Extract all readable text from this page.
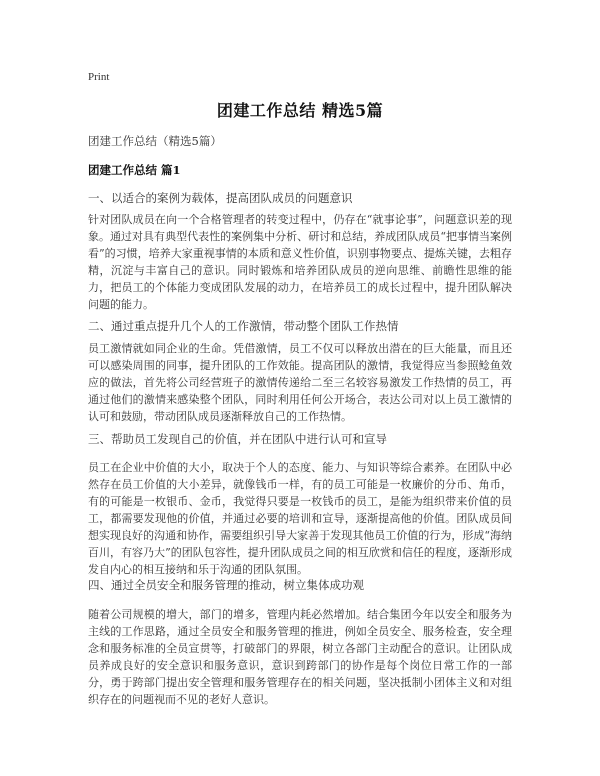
Print
团建工作总结 精选5篇
团建工作总结（精选5篇）
团建工作总结 篇1
一、以适合的案例为载体，提高团队成员的问题意识
针对团队成员在向一个合格管理者的转变过程中，仍存在“就事论事”，问题意识差的现象。通过对具有典型代表性的案例集中分析、研讨和总结，养成团队成员“把事情当案例看”的习惯，培养大家重视事情的本质和意义性价值，识别事物要点、提炼关键，去粗存精，沉淀与丰富自己的意识。同时锻炼和培养团队成员的逆向思维、前瞻性思维的能力，把员工的个体能力变成团队发展的动力，在培养员工的成长过程中，提升团队解决问题的能力。
二、通过重点提升几个人的工作激情，带动整个团队工作热情
员工激情就如同企业的生命。凭借激情，员工不仅可以释放出潜在的巨大能量，而且还可以感染周围的同事，提升团队的工作效能。提高团队的激情，我觉得应当参照鲶鱼效应的做法，首先将公司经营班子的激情传递给二至三名较容易激发工作热情的员工，再通过他们的激情来感染整个团队，同时利用任何公开场合，表达公司对以上员工激情的认可和鼓励，带动团队成员逐渐释放自己的工作热情。
三、帮助员工发现自己的价值，并在团队中进行认可和宣导
员工在企业中价值的大小，取决于个人的态度、能力、与知识等综合素养。在团队中必然存在员工价值的大小差异，就像钱币一样，有的员工可能是一枚廉价的分币、角币，有的可能是一枚银币、金币，我觉得只要是一枚钱币的员工，是能为组织带来价值的员工，都需要发现他的价值，并通过必要的培训和宣导，逐渐提高他的价值。团队成员间想实现良好的沟通和协作，需要组织引导大家善于发现其他员工价值的行为，形成“海纳百川，有容乃大”的团队包容性，提升团队成员之间的相互欣赏和信任的程度，逐渐形成发自内心的相互接纳和乐于沟通的团队氛围。
四、通过全员安全和服务管理的推动，树立集体成功观
随着公司规模的增大，部门的增多，管理内耗必然增加。结合集团今年以安全和服务为主线的工作思路，通过全员安全和服务管理的推进，例如全员安全、服务检查，安全理念和服务标准的全员宣贯等，打破部门的界限，树立各部门主动配合的意识。让团队成员养成良好的安全意识和服务意识，意识到跨部门的协作是每个岗位日常工作的一部分，勇于跨部门提出安全管理和服务管理存在的相关问题，坚决抵制小团体主义和对组织存在的问题视而不见的老好人意识。
